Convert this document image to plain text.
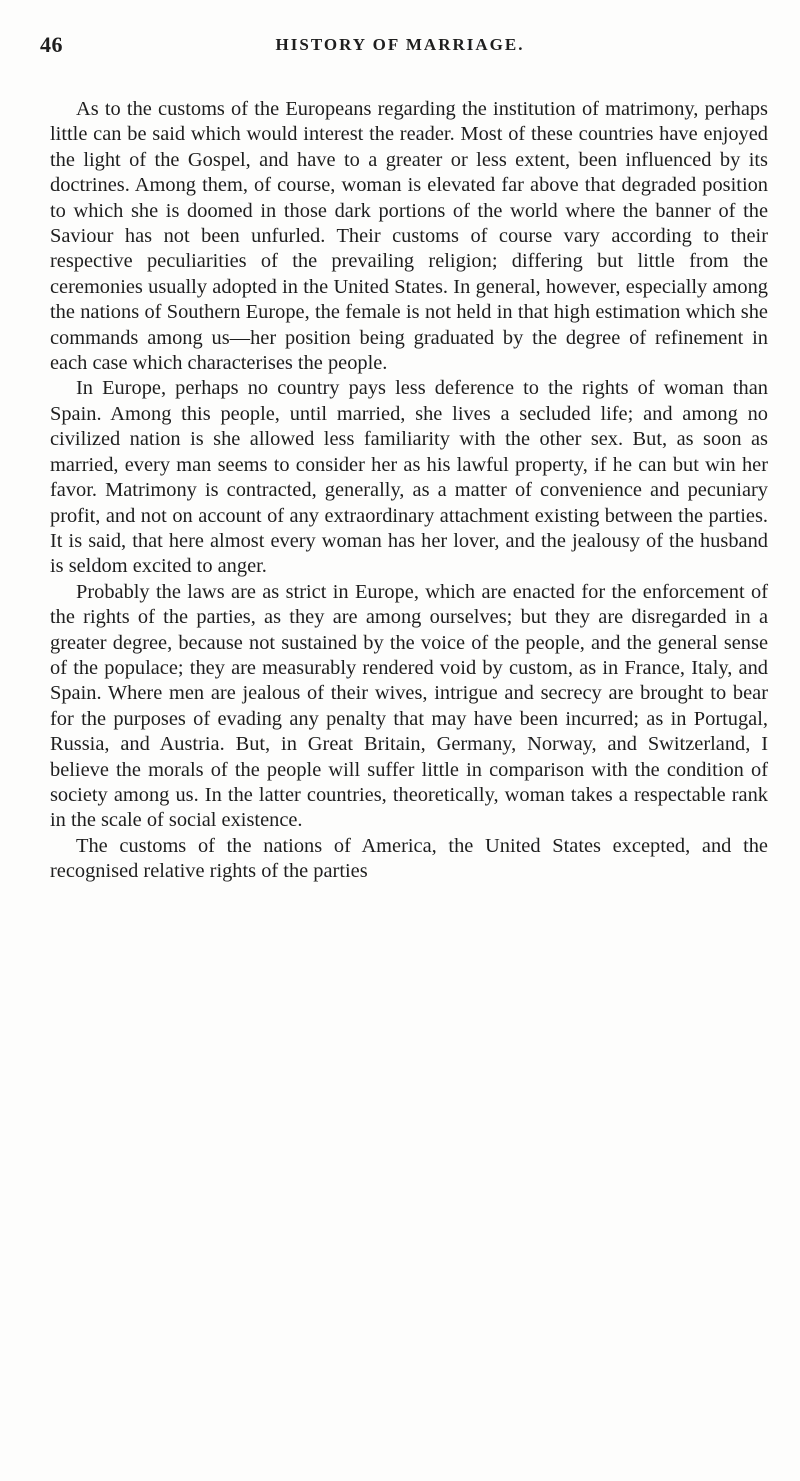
46	HISTORY OF MARRIAGE.

As to the customs of the Europeans regarding the institution of matrimony, perhaps little can be said which would interest the reader. Most of these countries have enjoyed the light of the Gospel, and have to a greater or less extent, been influenced by its doctrines. Among them, of course, woman is elevated far above that degraded position to which she is doomed in those dark portions of the world where the banner of the Saviour has not been unfurled. Their customs of course vary according to their respective peculiarities of the prevailing religion; differing but little from the ceremonies usually adopted in the United States. In general, however, especially among the nations of Southern Europe, the female is not held in that high estimation which she commands among us—her position being graduated by the degree of refinement in each case which characterises the people.

In Europe, perhaps no country pays less deference to the rights of woman than Spain. Among this people, until married, she lives a secluded life; and among no civilized nation is she allowed less familiarity with the other sex. But, as soon as married, every man seems to consider her as his lawful property, if he can but win her favor. Matrimony is contracted, generally, as a matter of convenience and pecuniary profit, and not on account of any extraordinary attachment existing between the parties. It is said, that here almost every woman has her lover, and the jealousy of the husband is seldom excited to anger.

Probably the laws are as strict in Europe, which are enacted for the enforcement of the rights of the parties, as they are among ourselves; but they are disregarded in a greater degree, because not sustained by the voice of the people, and the general sense of the populace; they are measurably rendered void by custom, as in France, Italy, and Spain. Where men are jealous of their wives, intrigue and secrecy are brought to bear for the purposes of evading any penalty that may have been incurred; as in Portugal, Russia, and Austria. But, in Great Britain, Germany, Norway, and Switzerland, I believe the morals of the people will suffer little in comparison with the condition of society among us. In the latter countries, theoretically, woman takes a respectable rank in the scale of social existence.

The customs of the nations of America, the United States excepted, and the recognised relative rights of the parties
